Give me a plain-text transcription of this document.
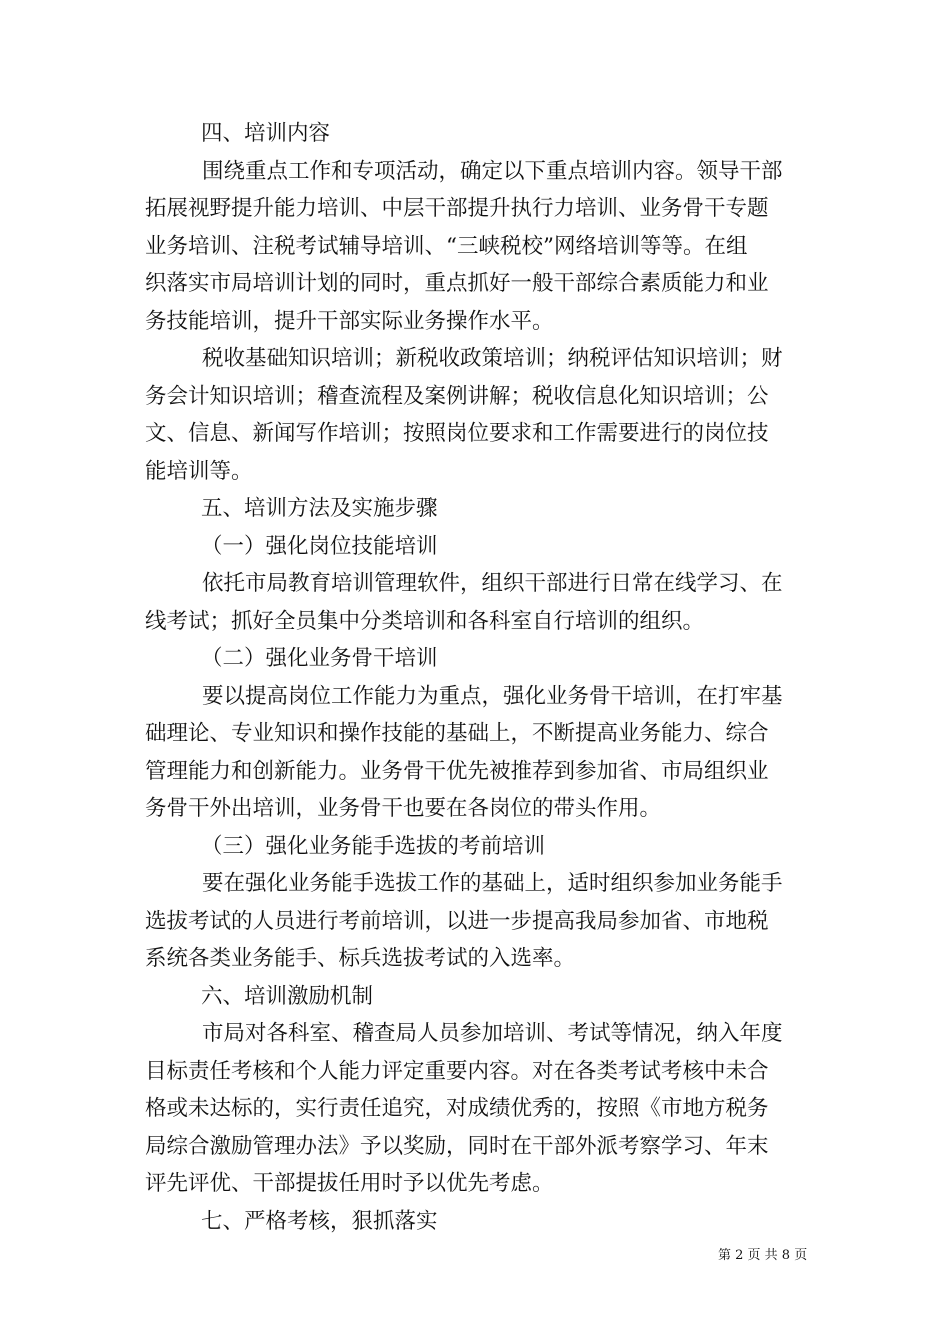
四、培训内容
围绕重点工作和专项活动，确定以下重点培训内容。领导干部
拓展视野提升能力培训、中层干部提升执行力培训、业务骨干专题
业务培训、注税考试辅导培训、“三峡税校”网络培训等等。在组
织落实市局培训计划的同时，重点抓好一般干部综合素质能力和业
务技能培训，提升干部实际业务操作水平。
税收基础知识培训；新税收政策培训；纳税评估知识培训；财
务会计知识培训；稽查流程及案例讲解；税收信息化知识培训；公
文、信息、新闻写作培训；按照岗位要求和工作需要进行的岗位技
能培训等。
五、培训方法及实施步骤
（一）强化岗位技能培训
依托市局教育培训管理软件，组织干部进行日常在线学习、在
线考试；抓好全员集中分类培训和各科室自行培训的组织。
（二）强化业务骨干培训
要以提高岗位工作能力为重点，强化业务骨干培训，在打牢基
础理论、专业知识和操作技能的基础上，不断提高业务能力、综合
管理能力和创新能力。业务骨干优先被推荐到参加省、市局组织业
务骨干外出培训，业务骨干也要在各岗位的带头作用。
（三）强化业务能手选拔的考前培训
要在强化业务能手选拔工作的基础上，适时组织参加业务能手
选拔考试的人员进行考前培训，以进一步提高我局参加省、市地税
系统各类业务能手、标兵选拔考试的入选率。
六、培训激励机制
市局对各科室、稽查局人员参加培训、考试等情况，纳入年度
目标责任考核和个人能力评定重要内容。对在各类考试考核中未合
格或未达标的，实行责任追究，对成绩优秀的，按照《市地方税务
局综合激励管理办法》予以奖励，同时在干部外派考察学习、年末
评先评优、干部提拔任用时予以优先考虑。
七、严格考核，狠抓落实
第 2 页 共 8 页
